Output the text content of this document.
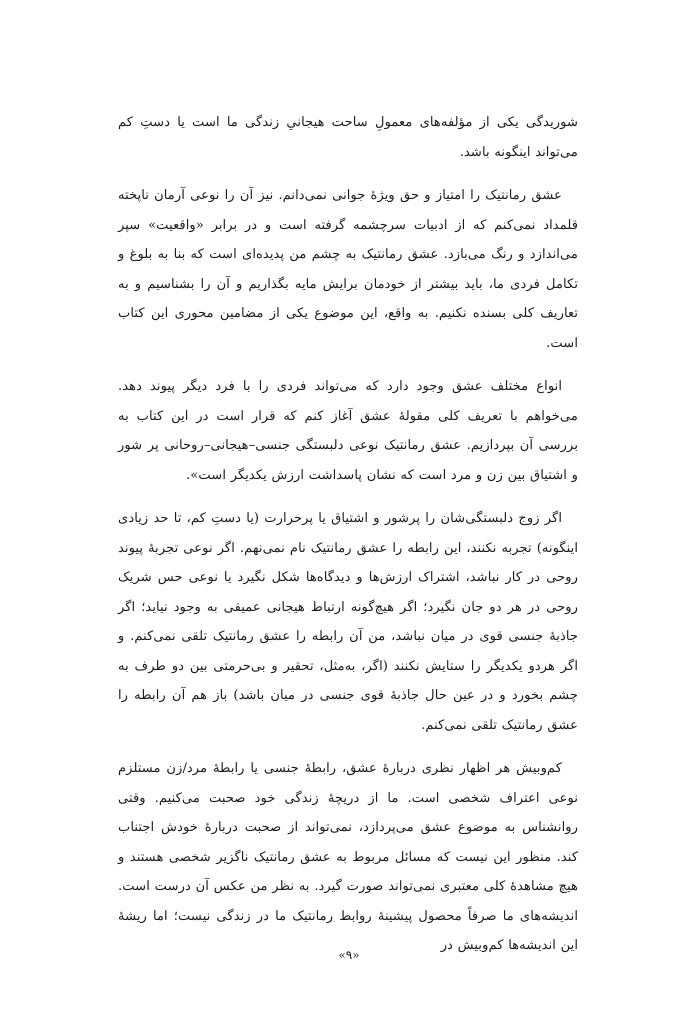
شوریدگی یکی از مؤلفه‌های معمولِ ساحت هیجانیِ زندگی ما است یا دستِ کم می‌تواند اینگونه باشد.

عشق رمانتیک را امتیاز و حق ویژۀ جوانی نمی‌دانم. نیز آن را نوعی آرمان ناپخته قلمداد نمی‌کنم که از ادبیات سرچشمه گرفته است و در برابر «واقعیت» سپر می‌اندازد و رنگ می‌بازد. عشق رمانتیک به چشم من پدیده‌ای است که بنا به بلوغ و تکامل فردی ما، باید بیشتر از خودمان برایش مایه بگذاریم و آن را بشناسیم و به تعاریف کلی بسنده نکنیم. به واقع، این موضوع یکی از مضامین محوری این کتاب است.

انواع مختلف عشق وجود دارد که می‌تواند فردی را با فرد دیگر پیوند دهد. می‌خواهم با تعریف کلی مقولۀ عشق آغاز کنم که قرار است در این کتاب به بررسی آن بپردازیم. عشق رمانتیک نوعی دلبستگی جنسی–هیجانی–روحانی پر شور و اشتیاق بین زن و مرد است که نشان پاسداشت ارزش یکدیگر است».

اگر زوج دلبستگی‌شان را پرشور و اشتیاق یا پرحرارت (یا دستِ کم، تا حد زیادی اینگونه) تجربه نکنند، این رابطه را عشق رمانتیک نام نمی‌نهم. اگر نوعی تجربۀ پیوند روحی در کار نباشد، اشتراک ارزش‌ها و دیدگاه‌ها شکل نگیرد یا نوعی حس شریک روحی در هر دو جان نگیرد؛ اگر هیچ‌گونه ارتباط هیجانی عمیقی به وجود نیاید؛ اگر جاذبۀ جنسی قوی در میان نباشد، من آن رابطه را عشق رمانتیک تلقی نمی‌کنم. و اگر هردو یکدیگر را ستایش نکنند (اگر، به‌مثل، تحقیر و بی‌حرمتی بین دو طرف به چشم بخورد و در عین حال جاذبۀ قوی جنسی در میان باشد) باز هم آن رابطه را عشق رمانتیک تلقی نمی‌کنم.

کم‌وبیش هر اظهار نظری دربارۀ عشق، رابطۀ جنسی یا رابطۀ مرد/زن مستلزم نوعی اعتراف شخصی است. ما از دریچۀ زندگی خود صحبت می‌کنیم. وقتی روانشناس به موضوع عشق می‌پردازد، نمی‌تواند از صحبت دربارۀ خودش اجتناب کند. منظور این نیست که مسائل مربوط به عشق رمانتیک ناگزیر شخصی هستند و هیچ مشاهدۀ کلی معتبری نمی‌تواند صورت گیرد. به نظر من عکس آن درست است. اندیشه‌های ما صرفاً محصول پیشینۀ روابط رمانتیک ما در زندگی نیست؛ اما ریشۀ این اندیشه‌ها کم‌وبیش در

«۹»
